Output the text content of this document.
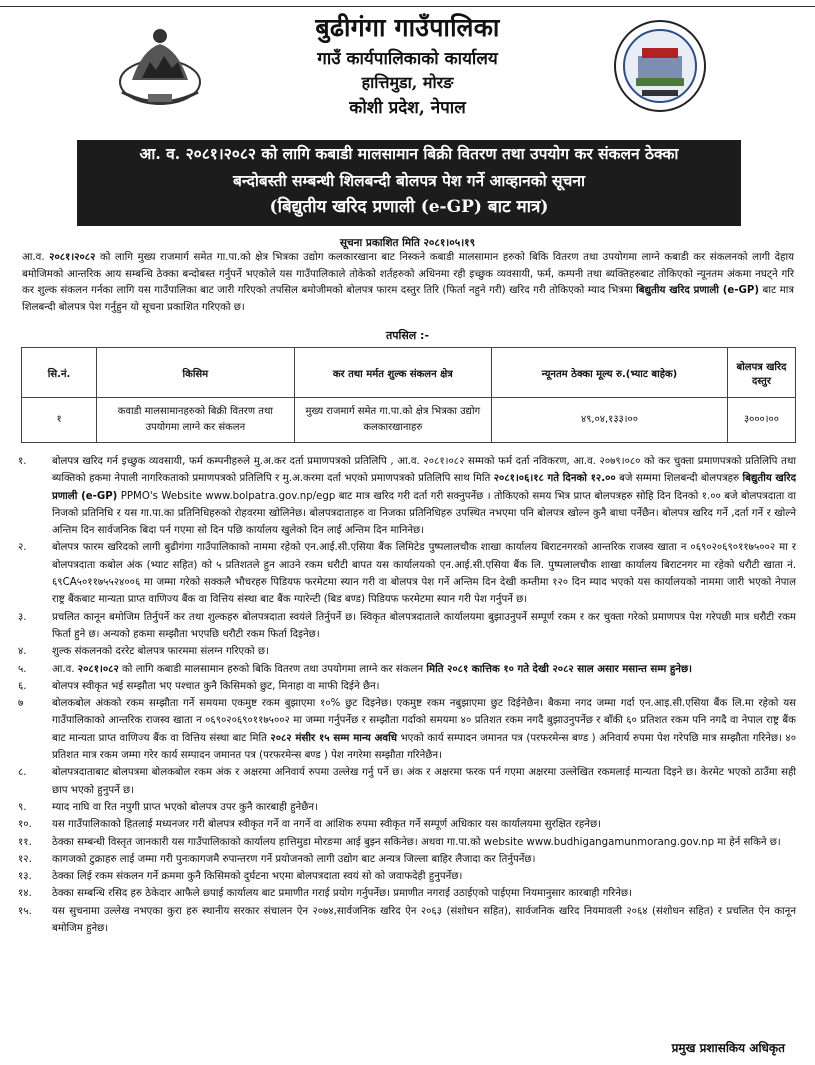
बुढीगंगा गाउँपालिका
गाउँ कार्यपालिकाको कार्यालय
हात्तिमुडा, मोरङ
कोशी प्रदेश, नेपाल
आ. व. २०८१।२०८२ को लागि कबाडी मालसामान बिक्री वितरण तथा उपयोग कर संकलन ठेक्का
बन्दोबस्ती सम्बन्धी शिलबन्दी बोलपत्र पेश गर्ने आव्हानको सूचना
(बिद्युतीय खरिद प्रणाली (e-GP) बाट मात्र)
सूचना प्रकाशित मिति २०८१।०५।१९
आ.व. २०८१।२०८२ को लागि मुख्य राजमार्ग समेत गा.पा.को क्षेत्र भित्रका उद्योग कलकारखाना बाट निस्कने कबाडी मालसामान हरुको बिकि वितरण तथा उपयोगमा लाग्ने कबाडी कर संकलनको लागी देहाय बमोजिमको आन्तरिक आय सम्बन्धि ठेक्का बन्दोबस्त गर्नुपर्ने भएकोले यस गाउँपालिकाले तोकेको शर्तहरुको अधिनमा रही इच्छुक व्यवसायी, फर्म, कम्पनी तथा ब्यक्तिहरुबाट तोकिएको न्यूनतम अंकमा नघट्ने गरि कर शुल्क संकलन गर्नका लागि यस गाउँपालिका बाट जारी गरिएको तपसिल बमोजीमको बोलपत्र फारम दस्तुर तिरि (फिर्ता नहुने गरी) खरिद गरी तोकिएको म्याद भित्रमा बिद्युतीय खरिद प्रणाली (e-GP) बाट मात्र शिलबन्दी बोलपत्र पेश गर्नुहुन यो सूचना प्रकाशित गरिएको छ।
तपसिल :-
सि.नं.	किसिम	कर तथा मर्मत शुल्क संकलन क्षेत्र	न्यूनतम ठेक्का मूल्य रु.(भ्याट बाहेक)	बोलपत्र खरिद दस्तुर
१	कवाडी मालसामानहरुको बिक्री वितरण तथा उपयोगमा लाग्ने कर संकलन	मुख्य राजमार्ग समेत गा.पा.को क्षेत्र भित्रका उद्योग कलकारखानाहरु	४९,०४,१३३।००	३०००।००
१.	बोलपत्र खरिद गर्न इच्छुक व्यवसायी, फर्म कम्पनीहरुले मु.अ.कर दर्ता प्रमाणपत्रको प्रतिलिपि , आ.व. २०८१।०८२ सम्मको फर्म दर्ता नविकरण, आ.व. २०७९।०८० को कर चुक्ता प्रमाणपत्रको प्रतिलिपि तथा ब्यक्तिको हकमा नेपाली नागरिकताको प्रमाणपत्रको प्रतिलिपि र मु.अ.करमा दर्ता भएको प्रमाणपत्रको प्रतिलिपि साथ मिति २०८१।०६।१८ गते दिनको १२.०० बजे सम्ममा शिलबन्दी बोलपत्रहरु बिद्युतीय खरिद प्रणाली (e-GP) PPMO's Website www.bolpatra.gov.np/egp बाट मात्र खरिद गरी दर्ता गरी सक्नुपर्नेछ । तोकिएको समय भित्र प्राप्त बोलपत्रहरु सोहि दिन दिनको १.०० बजे बोलपत्रदाता वा निजको प्रतिनिधि र यस गा.पा.का प्रतिनिधिहरुको रोहवरमा खोलिनेछ। बोलपत्रदाताहरु वा निजका प्रतिनिधिहरु उपस्थित नभएमा पनि बोलपत्र खोल्न कुनै बाधा पर्नेछैन। बोलपत्र खरिद गर्ने ,दर्ता गर्ने र खोल्ने अन्तिम दिन सार्वजनिक बिदा पर्न गएमा सो दिन पछि कार्यालय खुलेको दिन लाई अन्तिम दिन मानिनेछ।
२.	बोलपत्र फारम खरिदको लागी बुढीगंगा गाउँपालिकाको नाममा रहेको एन.आई.सी.एसिया बैंक लिमिटेड पुष्पलालचौक शाखा कार्यालय बिराटनगरको आन्तरिक राजस्व खाता न ०६९०२०६९०११७५००२ मा र बोलपत्रदाता कबोल अंक (भ्याट सहित) को ५ प्रतिशतले हुन आउने रकम धरौटी बापत यस कार्यालयको एन.आई.सी.एसिया बैंक लि. पुष्पलालचौक शाखा कार्यालय बिराटनगर मा रहेको धरौटी खाता नं. ६९CA५०११७५५२४००६ मा जम्मा गरेको सक्कलै भौचरहरु पिडियफ फरमेटमा स्यान गरी वा बोलपत्र पेश गर्ने अन्तिम दिन देखी कम्तीमा १२० दिन म्याद भएको यस कार्यालयको नाममा जारी भएको नेपाल राष्ट्र बैंकबाट मान्यता प्राप्त वाणिज्य बैंक वा वित्तिय संस्था बाट बैंक ग्यारेन्टी (बिड बण्ड) पिडियफ फरमेटमा स्यान गरी पेश गर्नुपर्ने छ।
३.	प्रचलित कानून बमोजिम तिर्नुपर्ने कर तथा शुल्कहरु बोलपत्रदाता स्वयंले तिर्नुपर्ने छ। स्विकृत बोलपत्रदाताले कार्यालयमा बुझाउनुपर्ने सम्पूर्ण रकम र कर चुक्ता गरेको प्रमाणपत्र पेश गरेपछी मात्र धरौटी रकम फिर्ता हुने छ। अन्यको हकमा सम्झौता भएपछि धरौटी रकम फिर्ता दिइनेछ।
४.	शुल्क संकलनको दररेट बोलपत्र फारममा संलग्न गरिएको छ।
५.	आ.व. २०८१।०८२ को लागि कबाडी मालसामान हरुको बिकि वितरण तथा उपयोगमा लाग्ने कर संकलन मिति २०८१ कात्तिक १० गते देखी २०८२ साल असार मसान्त सम्म हुनेछ।
६.	बोलपत्र स्वीकृत भई सम्झौता भए पश्चात कुनै किसिमको छुट, मिनाहा वा माफी दिईने छैन।
७	बोलकबोल अंकको रकम सम्झौता गर्ने समयमा एकमुष्ट रकम बुझाएमा १०% छुट दिइनेछ। एकमुष्ट रकम नबुझाएमा छुट दिईनेछैन। बैकमा नगद जम्मा गर्दा एन.आइ.सी.एसिया बैंक लि.मा रहेको यस गाउँपालिकाको आन्तरिक राजस्व खाता न ०६९०२०६९०११७५००२ मा जम्मा गर्नुपर्नेछ र सम्झौता गर्दाको समयमा ४० प्रतिशत रकम नगदै बुझाउनुपर्नेछ र बाँकी ६० प्रतिशत रकम पनि नगदै वा नेपाल राष्ट्र बैंक बाट मान्यता प्राप्त वाणिज्य बैंक वा वित्तिय संस्था बाट मिति २०८२ मंसीर १५ सम्म मान्य अवधि भएको कार्य सम्पादन जमानत पत्र (परफरमेन्स बण्ड ) अनिवार्य रुपमा पेश गरेपछि मात्र सम्झौता गरिनेछ। ४० प्रतिशत मात्र रकम जम्मा गरेर कार्य सम्पादन जमानत पत्र (परफरमेन्स बण्ड ) पेश नगरेमा सम्झौता गरिनेछैन।
८.	बोलपत्रदाताबाट बोलपत्रमा बोलकबोल रकम अंक र अक्षरमा अनिवार्य रुपमा उल्लेख गर्नु पर्ने छ। अंक र अक्षरमा फरक पर्न गएमा अक्षरमा उल्लेखित रकमलाई मान्यता दिइने छ। केरमेट भएको ठाउँमा सही छाप भएको हुनुपर्ने छ।
९.	म्याद नाघि वा रित नपुगी प्राप्त भएको बोलपत्र उपर कुनै कारबाही हुनेछैन।
१०.	यस गाउँपालिकाको हितलाई मध्यनजर गरी बोलपत्र स्वीकृत गर्ने वा नगर्ने वा आंशिक रुपमा स्वीकृत गर्ने सम्पूर्ण अधिकार यस कार्यालयमा सुरक्षित रहनेछ।
११.	ठेक्का सम्बन्धी विस्तृत जानकारी यस गाउँपालिकाको कार्यालय हात्तिमुडा मोरङमा आई बुझ्न सकिनेछ। अथवा गा.पा.को website www.budhigangamunmorang.gov.np मा हेर्न सकिने छ।
१२.	कागजको टुक्राहरु लाई जम्मा गरी पुनःकागजमै रुपान्तरण गर्ने प्रयोजनको लागी उद्योग बाट अन्यत्र जिल्ला बाहिर लैजादा कर तिर्नुपर्नेछ।
१३.	ठेक्का लिई रकम संकलन गर्ने क्रममा कुनै किसिमको दुर्घटना भएमा बोलपत्रदाता स्वयं सो को जवाफदेही हुनुपर्नेछ।
१४.	ठेक्का सम्बन्धि रसिद हरु ठेकेदार आफैले छ्पाई कार्यालय बाट प्रमाणीत गराई प्रयोग गर्नुपर्नेछ। प्रमाणीत नगराई उठाईएको पाईएमा नियमानुसार कारबाही गरिनेछ।
१५.	यस सुचनामा उल्लेख नभएका कुरा हरु स्थानीय सरकार संचालन ऐन २०७४,सार्वजनिक खरिद ऐन २०६३ (संशोधन सहित), सार्वजनिक खरिद नियमावली २०६४ (संशोधन सहित) र प्रचलित ऐन कानून बमोजिम हुनेछ।
प्रमुख प्रशासकिय अधिकृत
